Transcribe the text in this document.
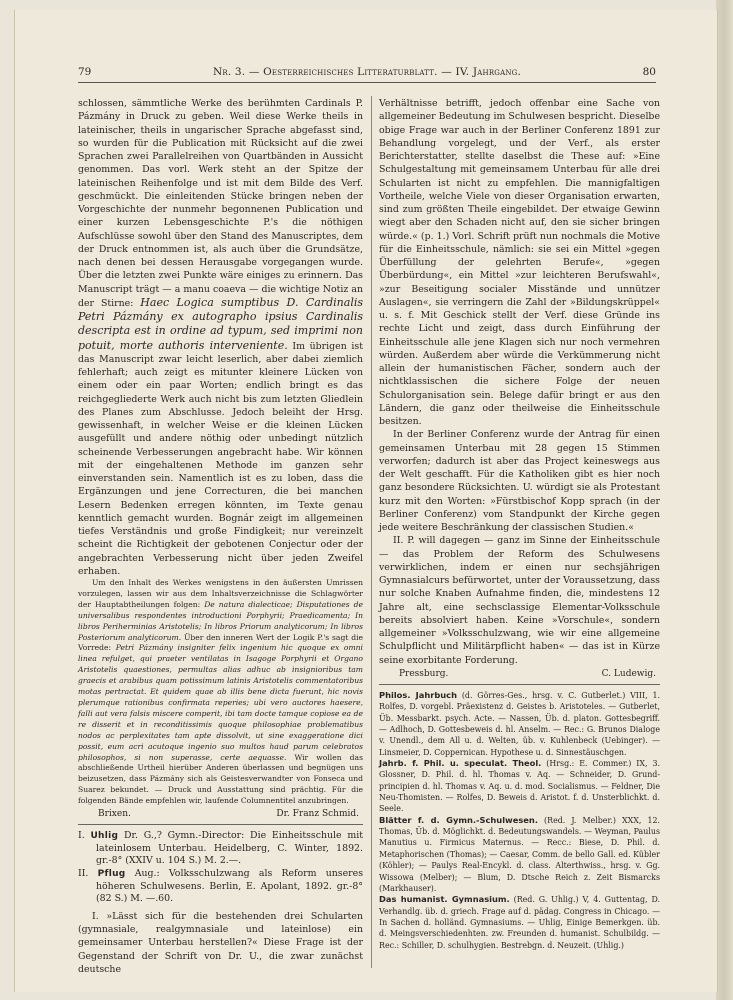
79	Nr. 3. — Oesterreichisches Litteraturblatt. — IV. Jahrgang.	80

schlossen, sämmtliche Werke des berühmten Cardinals P. Pázmány in Druck zu geben. Weil diese Werke theils in lateinischer, theils in ungarischer Sprache abgefasst sind, so wurden für die Publication mit Rücksicht auf die zwei Sprachen zwei Parallelreihen von Quartbänden in Aussicht genommen. Das vorl. Werk steht an der Spitze der lateinischen Reihenfolge und ist mit dem Bilde des Verf. geschmückt. Die einleitenden Stücke bringen neben der Vorgeschichte der nunmehr begonnenen Publication und einer kurzen Lebensgeschichte P.'s die nöthigen Aufschlüsse sowohl über den Stand des Manuscriptes, dem der Druck entnommen ist, als auch über die Grundsätze, nach denen bei dessen Herausgabe vorgegangen wurde. Über die letzten zwei Punkte wäre einiges zu erinnern. Das Manuscript trägt — a manu coaeva — die wichtige Notiz an der Stirne: Haec Logica sumptibus D. Cardinalis Petri Pázmány ex autographo ipsius Cardinalis descripta est in ordine ad typum, sed imprimi non potuit, morte authoris interveniente. Im übrigen ist das Manuscript zwar leicht leserlich, aber dabei ziemlich fehlerhaft; auch zeigt es mitunter kleinere Lücken von einem oder ein paar Worten; endlich bringt es das reichgegliederte Werk auch nicht bis zum letzten Gliedlein des Planes zum Abschlusse. Jedoch beleiht der Hrsg. gewissenhaft, in welcher Weise er die kleinen Lücken ausgefüllt und andere nöthig oder unbedingt nützlich scheinende Verbesserungen angebracht habe. Wir können mit der eingehaltenen Methode im ganzen sehr einverstanden sein. Namentlich ist es zu loben, dass die Ergänzungen und jene Correcturen, die bei manchen Lesern Bedenken erregen könnten, im Texte genau kenntlich gemacht wurden. Bognár zeigt im allgemeinen tiefes Verständnis und große Findigkeit; nur vereinzelt scheint die Richtigkeit der gebotenen Conjectur oder der angebrachten Verbesserung nicht über jeden Zweifel erhaben.

Um den Inhalt des Werkes wenigstens in den äußersten Umrissen vorzulegen, lassen wir aus dem Inhaltsverzeichnisse die Schlagwörter der Hauptabtheilungen folgen: De natura dialecticae; Disputationes de universalibus respondentes introductioni Porphyrii; Praedicamenta; In libros Periherminias Aristotelis; In libros Priorum analyticorum; In libros Posteriorum analyticorum. Über den inneren Wert der Logik P.'s sagt die Vorrede: Petri Pázmány insigniter felix ingenium hic quoque ex omni linea refulget, qui praeter ventilatas in Isagoge Porphyrii et Organo Aristotelis quaestiones, permultas alias adhuc ab insignioribus tam graecis et arabibus quam potissimum latinis Aristotelis commentatoribus motas pertractat. Et quidem quae ab illis bene dicta fuerunt, hic novis plerumque rationibus confirmata reperies; ubi vero auctores haesere, falli aut vera falsis miscere comperit, ibi tam docte tamque copiose ea de re disserit et in reconditissimis quoque philosophiae problematibus nodos ac perplexitates tam apte dissolvit, ut sine exaggeratione dici possit, eum acri acutoque ingenio suo multos haud parum celebratos philosophos, si non superasse, certe aequasse. Wir wollen das abschließende Urtheil hierüber Anderen überlassen und begnügen uns beizusetzen, dass Pázmány sich als Geistesverwandter von Fonseca und Suarez bekundet. — Druck und Ausstattung sind prächtig. Für die folgenden Bände empfehlen wir, laufende Columnentitel anzubringen.

Brixen.	Dr. Franz Schmid.

I. Uhlig Dr. G.,? Gymn.-Director: Die Einheitsschule mit lateinlosem Unterbau. Heidelberg, C. Winter, 1892. gr.-8° (XXIV u. 104 S.) M. 2.—.

II. Pflug Aug.: Volksschulzwang als Reform unseres höheren Schulwesens. Berlin, E. Apolant, 1892. gr.-8° (82 S.) M. —.60.

I. »Lässt sich für die bestehenden drei Schularten (gymnasiale, realgymnasiale und lateinlose) ein gemeinsamer Unterbau herstellen?« Diese Frage ist der Gegenstand der Schrift von Dr. U., die zwar zunächst deutsche

Verhältnisse betrifft, jedoch offenbar eine Sache von allgemeiner Bedeutung im Schulwesen bespricht. Dieselbe obige Frage war auch in der Berliner Conferenz 1891 zur Behandlung vorgelegt, und der Verf., als erster Berichterstatter, stellte daselbst die These auf: »Eine Schulgestaltung mit gemeinsamem Unterbau für alle drei Schularten ist nicht zu empfehlen. Die mannigfaltigen Vortheile, welche Viele von dieser Organisation erwarten, sind zum größten Theile eingebildet. Der etwaige Gewinn wiegt aber den Schaden nicht auf, den sie sicher bringen würde.« (p. 1.) Vorl. Schrift prüft nun nochmals die Motive für die Einheitsschule, nämlich: sie sei ein Mittel »gegen Überfüllung der gelehrten Berufe«, »gegen Überbürdung«, ein Mittel »zur leichteren Berufswahl«, »zur Beseitigung socialer Misstände und unnützer Auslagen«, sie verringern die Zahl der »Bildungskrüppel« u. s. f. Mit Geschick stellt der Verf. diese Gründe ins rechte Licht und zeigt, dass durch Einführung der Einheitsschule alle jene Klagen sich nur noch vermehren würden. Außerdem aber würde die Verkümmerung nicht allein der humanistischen Fächer, sondern auch der nichtklassischen die sichere Folge der neuen Schulorganisation sein. Belege dafür bringt er aus den Ländern, die ganz oder theilweise die Einheitsschule besitzen.

In der Berliner Conferenz wurde der Antrag für einen gemeinsamen Unterbau mit 28 gegen 15 Stimmen verworfen; dadurch ist aber das Project keineswegs aus der Welt geschafft. Für die Katholiken gibt es hier noch ganz besondere Rücksichten. U. würdigt sie als Protestant kurz mit den Worten: »Fürstbischof Kopp sprach (in der Berliner Conferenz) vom Standpunkt der Kirche gegen jede weitere Beschränkung der classischen Studien.«

II. P. will dagegen — ganz im Sinne der Einheitsschule — das Problem der Reform des Schulwesens verwirklichen, indem er einen nur sechsjährigen Gymnasialcurs befürwortet, unter der Voraussetzung, dass nur solche Knaben Aufnahme finden, die, mindestens 12 Jahre alt, eine sechsclassige Elementar-Volksschule bereits absolviert haben. Keine »Vorschule«, sondern allgemeiner »Volksschulzwang, wie wir eine allgemeine Schulpflicht und Militärpflicht haben« — das ist in Kürze seine exorbitante Forderung.

Pressburg.	C. Ludewig.

Philos. Jahrbuch (d. Görres-Ges., hrsg. v. C. Gutberlet.) VIII, 1. Rolfes, D. vorgebl. Präexistenz d. Geistes b. Aristoteles. — Gutberlet, Üb. Messbarkt. psych. Acte. — Nassen, Üb. d. platon. Gottesbegriff. — Adlhoch, D. Gottesbeweis d. hl. Anselm. — Rec.: G. Brunos Dialoge v. Unendl., dem All u. d. Welten, üb. v. Kuhlenbeck (Uebinger). — Linsmeier, D. Coppernican. Hypothese u. d. Sinnestäuschgen.

Jahrb. f. Phil. u. speculat. Theol. (Hrsg.: E. Commer.) IX, 3. Glossner, D. Phil. d. hl. Thomas v. Aq. — Schneider, D. Grund-principien d. hl. Thomas v. Aq. u. d. mod. Socialismus. — Feldner, Die Neu-Thomisten. — Rolfes, D. Beweis d. Aristot. f. d. Unsterblichkt. d. Seele.

Blätter f. d. Gymn.-Schulwesen. (Red. J. Melber.) XXX, 12. Thomas, Üb. d. Möglichkt. d. Bedeutungswandels. — Weyman, Paulus Manutius u. Firmicus Maternus. — Recc.: Biese, D. Phil. d. Metaphorischen (Thomas); — Caesar, Comm. de bello Gall. ed. Kübler (Köhler); — Paulys Real-Encykl. d. class. Alterthwiss., hrsg. v. Gg. Wissowa (Melber); — Blum, D. Dtsche Reich z. Zeit Bismarcks (Markhauser).

Das humanist. Gymnasium. (Red. G. Uhlig.) V, 4. Guttentag, D. Verhandlg. üb. d. griech. Frage auf d. pädag. Congress in Chicago. — In Sachen d. holländ. Gymnasiums. — Uhlig, Einige Bemerkgen. üb. d. Meingsverschiedenhten. zw. Freunden d. humanist. Schulbildg. — Rec.: Schiller, D. schulhygien. Bestrebgn. d. Neuzeit. (Uhlig.)
